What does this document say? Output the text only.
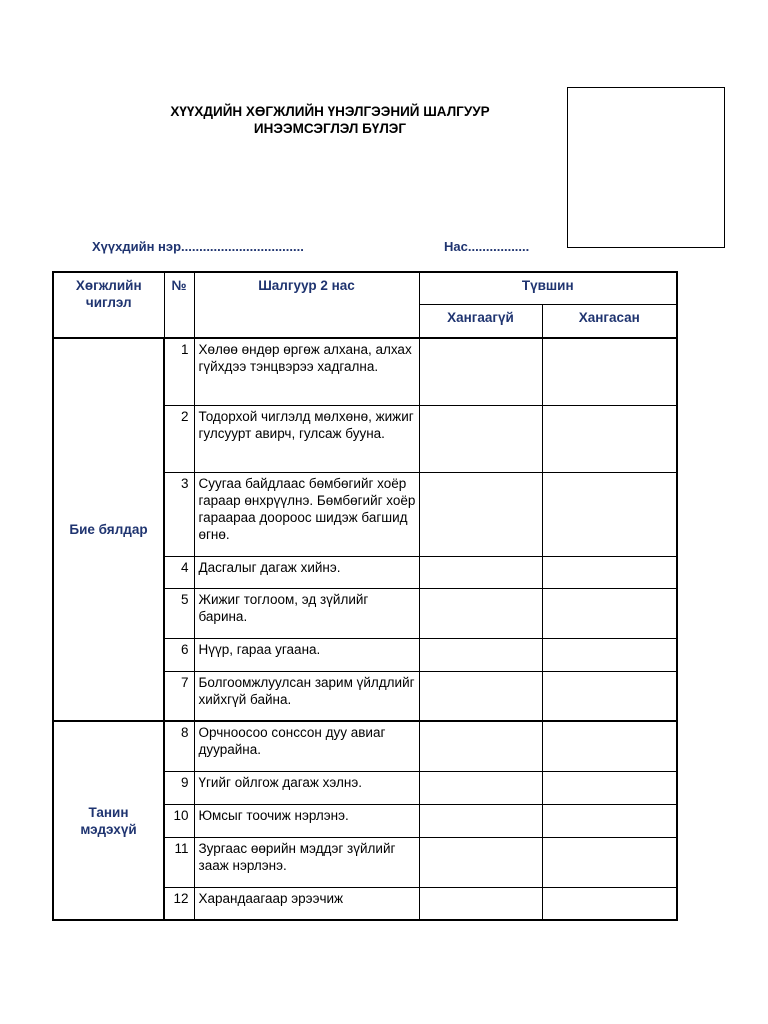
ХҮҮХДИЙН ХӨГЖЛИЙН ҮНЭЛГЭЭНИЙ ШАЛГУУР
ИНЭЭМСЭГЛЭЛ БҮЛЭГ
Хүүхдийн нэр..................................	Нас.................
Хөгжлийн чиглэл	№	Шалгуур 2 нас	Түвшин	
			Хангаагүй	Хангасан
Бие бялдар	1	Хөлөө өндөр өргөж алхана, алхах гүйхдээ тэнцвэрээ хадгална.		
	2	Тодорхой чиглэлд мөлхөнө, жижиг гулсуурт авирч, гулсаж бууна.		
	3	Суугаа байдлаас бөмбөгийг хоёр гараар өнхрүүлнэ. Бөмбөгийг хоёр гараараа дооpoос шидэж багшид өгнө.		
	4	Дасгалыг дагаж хийнэ.		
	5	Жижиг тоглоом, эд зүйлийг барина.		
	6	Нүүр, гараа угаана.		
	7	Болгоомжлуулсан зарим үйлдлийг хийхгүй байна.		

Танин мэдэхүй	8	Орчноосоо сонссон дуу авиаг дуурайна.		
	9	Үгийг ойлгож дагаж хэлнэ.		
	10	Юмсыг тоочиж нэрлэнэ.		
	11	Зургаас өөрийн мэддэг зүйлийг зааж нэрлэнэ.		
	12	Харандаагаар эрээчиж		
